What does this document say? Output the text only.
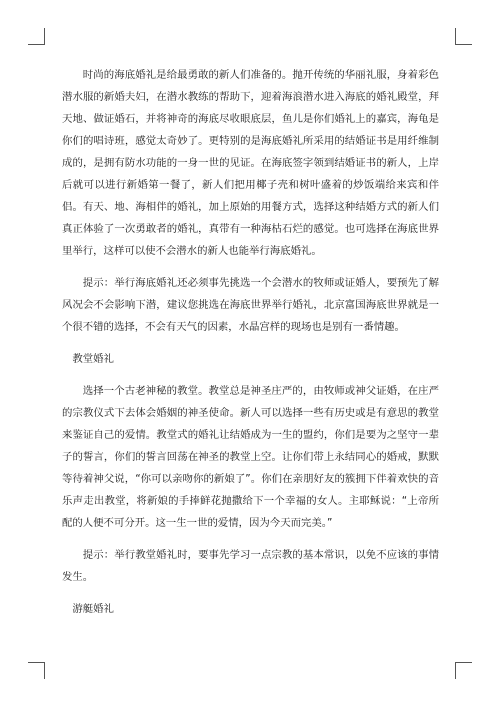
时尚的海底婚礼是给最勇敢的新人们准备的。抛开传统的华丽礼服，身着彩色潜水服的新婚夫妇，在潜水教练的帮助下，迎着海浪潜水进入海底的婚礼殿堂，拜天地、做证婚石，并将神奇的海底尽收眼底层，鱼儿是你们婚礼上的嘉宾，海龟是你们的唱诗班，感觉太奇妙了。更特别的是海底婚礼所采用的结婚证书是用纤维制成的，是拥有防水功能的一身一世的见证。在海底签字领到结婚证书的新人，上岸后就可以进行新婚第一餐了，新人们把用椰子壳和树叶盛着的炒饭端给来宾和伴侣。有天、地、海相伴的婚礼，加上原始的用餐方式，选择这种结婚方式的新人们真正体验了一次勇敢者的婚礼，真带有一种海枯石烂的感觉。也可选择在海底世界里举行，这样可以使不会潜水的新人也能举行海底婚礼。

提示：举行海底婚礼还必须事先挑选一个会潜水的牧师或证婚人，要预先了解风况会不会影响下潜，建议您挑选在海底世界举行婚礼，北京富国海底世界就是一个很不错的选择，不会有天气的因素，水晶宫样的现场也是别有一番情趣。

教堂婚礼

选择一个古老神秘的教堂。教堂总是神圣庄严的，由牧师或神父证婚，在庄严的宗教仪式下去体会婚姻的神圣使命。新人可以选择一些有历史或是有意思的教堂来鉴证自己的爱情。教堂式的婚礼让结婚成为一生的盟约，你们是要为之坚守一辈子的誓言，你们的誓言回荡在神圣的教堂上空。让你们带上永结同心的婚戒，默默等待着神父说，“你可以亲吻你的新娘了”。你们在亲朋好友的簇拥下伴着欢快的音乐声走出教堂，将新娘的手捧鲜花抛撒给下一个幸福的女人。主耶稣说：“上帝所配的人便不可分开。这一生一世的爱情，因为今天而完美。”

提示：举行教堂婚礼时，要事先学习一点宗教的基本常识，以免不应该的事情发生。

游艇婚礼
